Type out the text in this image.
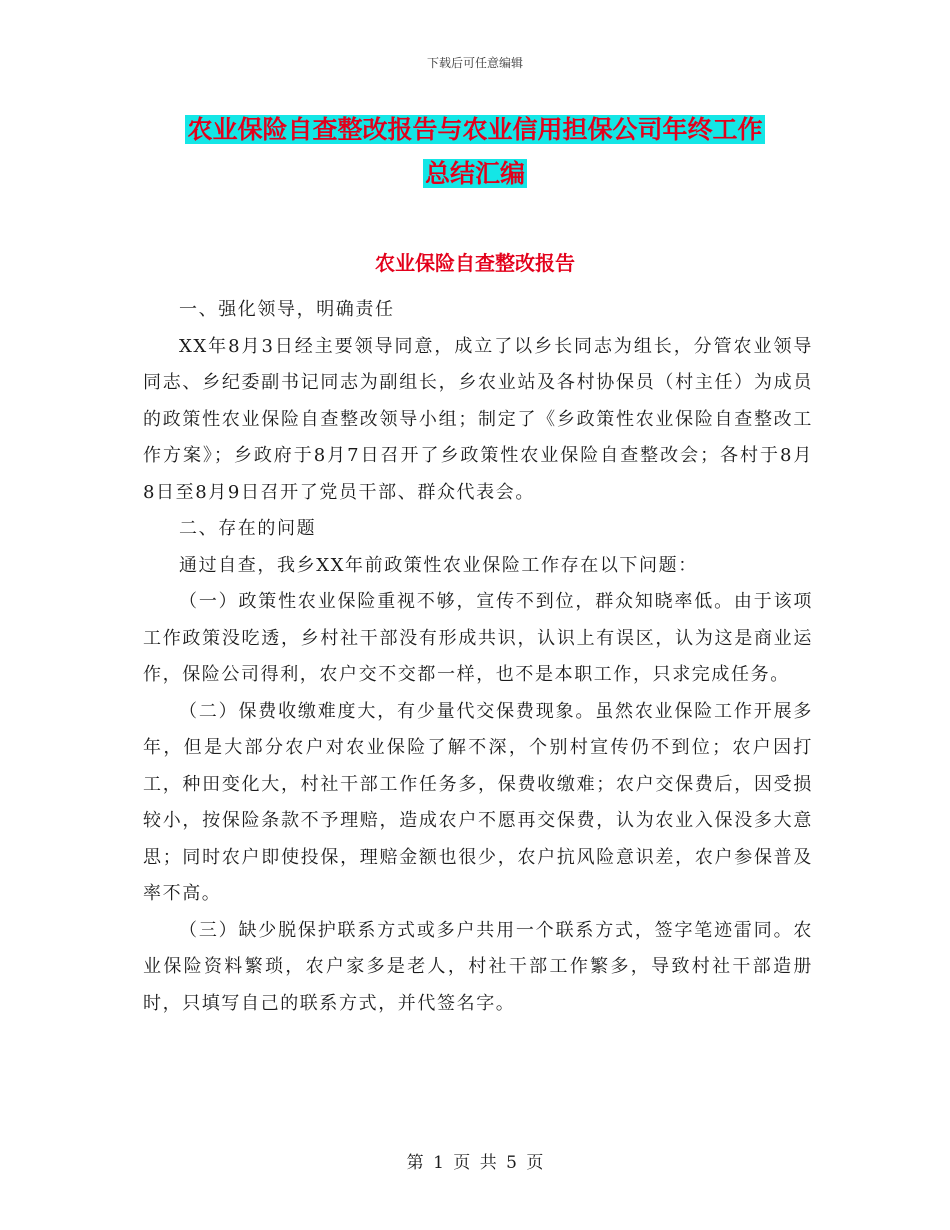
下载后可任意编辑
农业保险自查整改报告与农业信用担保公司年终工作
总结汇编
农业保险自查整改报告

一、强化领导，明确责任

XX年8月3日经主要领导同意，成立了以乡长同志为组长，分管农业领导同志、乡纪委副书记同志为副组长，乡农业站及各村协保员（村主任）为成员的政策性农业保险自查整改领导小组；制定了《乡政策性农业保险自查整改工作方案》；乡政府于8月7日召开了乡政策性农业保险自查整改会；各村于8月8日至8月9日召开了党员干部、群众代表会。

二、存在的问题

通过自查，我乡XX年前政策性农业保险工作存在以下问题：

（一）政策性农业保险重视不够，宣传不到位，群众知晓率低。由于该项工作政策没吃透，乡村社干部没有形成共识，认识上有误区，认为这是商业运作，保险公司得利，农户交不交都一样，也不是本职工作，只求完成任务。

（二）保费收缴难度大，有少量代交保费现象。虽然农业保险工作开展多年，但是大部分农户对农业保险了解不深，个别村宣传仍不到位；农户因打工，种田变化大，村社干部工作任务多，保费收缴难；农户交保费后，因受损较小，按保险条款不予理赔，造成农户不愿再交保费，认为农业入保没多大意思；同时农户即使投保，理赔金额也很少，农户抗风险意识差，农户参保普及率不高。

（三）缺少脱保护联系方式或多户共用一个联系方式，签字笔迹雷同。农业保险资料繁琐，农户家多是老人，村社干部工作繁多，导致村社干部造册时，只填写自己的联系方式，并代签名字。

第 1 页 共 5 页
